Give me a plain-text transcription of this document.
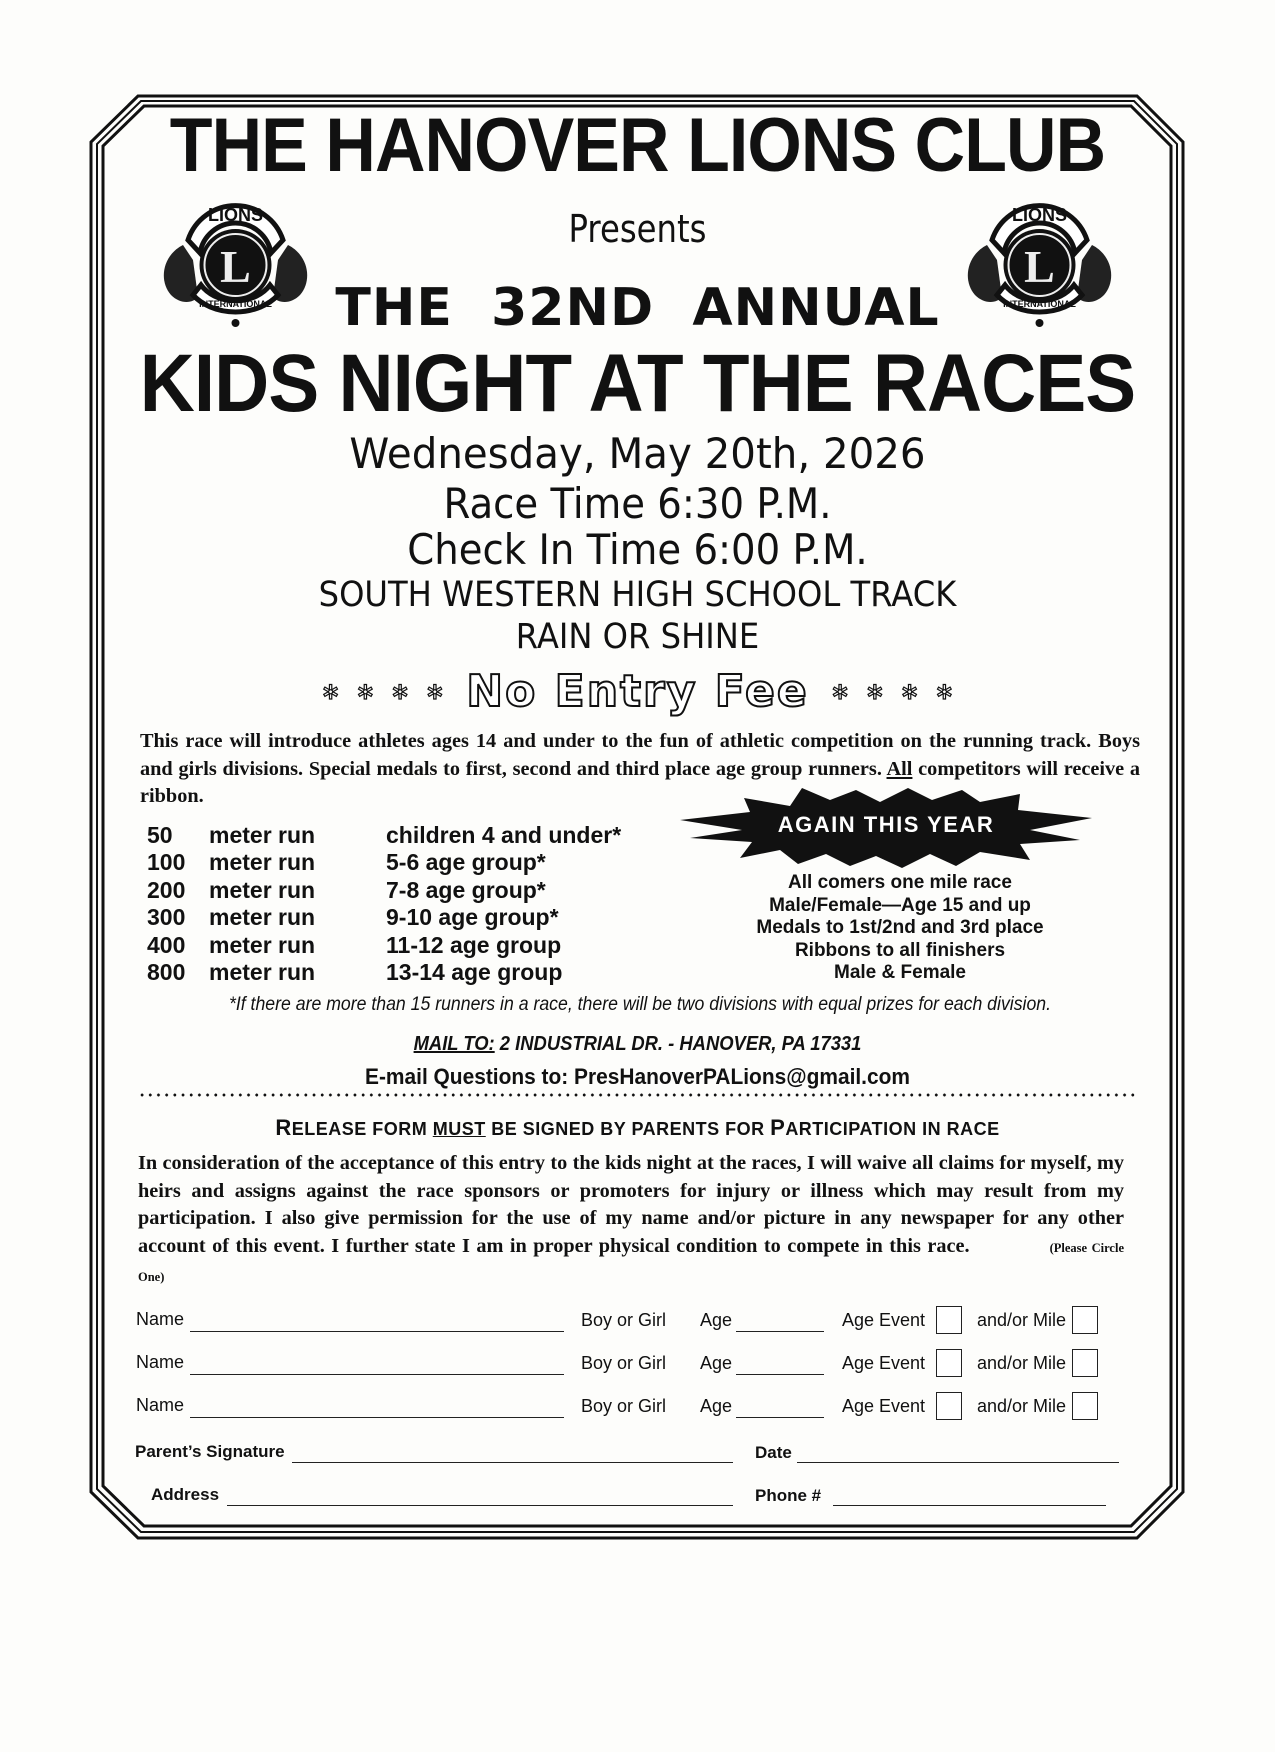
THE HANOVER LIONS CLUB
L
LIONS
INTERNATIONAL
L
LIONS
INTERNATIONAL
Presents
THE  32ND  ANNUAL
KIDS NIGHT AT THE RACES
Wednesday, May 20th, 2026
Race Time 6:30 P.M.
Check In Time 6:00 P.M.
SOUTH WESTERN HIGH SCHOOL TRACK
RAIN OR SHINE
✲ ✲ ✲ ✲ No Entry Fee ✲ ✲ ✲ ✲
This race will introduce athletes ages 14 and under to the fun of athletic competition on the running track. Boys and girls divisions. Special medals to first, second and third place age group runners. All competitors will receive a ribbon.
50	meter run	children 4 and under*
100	meter run	5-6 age group*
200	meter run	7-8 age group*
300	meter run	9-10 age group*
400	meter run	11-12 age group
800	meter run	13-14 age group
AGAIN THIS YEAR
All comers one mile race
Male/Female—Age 15 and up
Medals to 1st/2nd and 3rd place
Ribbons to all finishers
Male & Female
*If there are more than 15 runners in a race, there will be two divisions with equal prizes for each division.
MAIL TO: 2 INDUSTRIAL DR. - HANOVER, PA 17331
E-mail Questions to: PresHanoverPALions@gmail.com
RELEASE FORM MUST BE SIGNED BY PARENTS FOR PARTICIPATION IN RACE
In consideration of the acceptance of this entry to the kids night at the races, I will waive all claims for myself, my heirs and assigns against the race sponsors or promoters for injury or illness which may result from my participation. I also give permission for the use of my name and/or picture in any newspaper for any other account of this event. I further state I am in proper physical condition to compete in this race.	(Please Circle One)
Name	Boy or Girl Age	Age Event	and/or Mile
Name	Boy or Girl Age	Age Event	and/or Mile
Name	Boy or Girl Age	Age Event	and/or Mile
Parent’s Signature	Date
Address	Phone #
